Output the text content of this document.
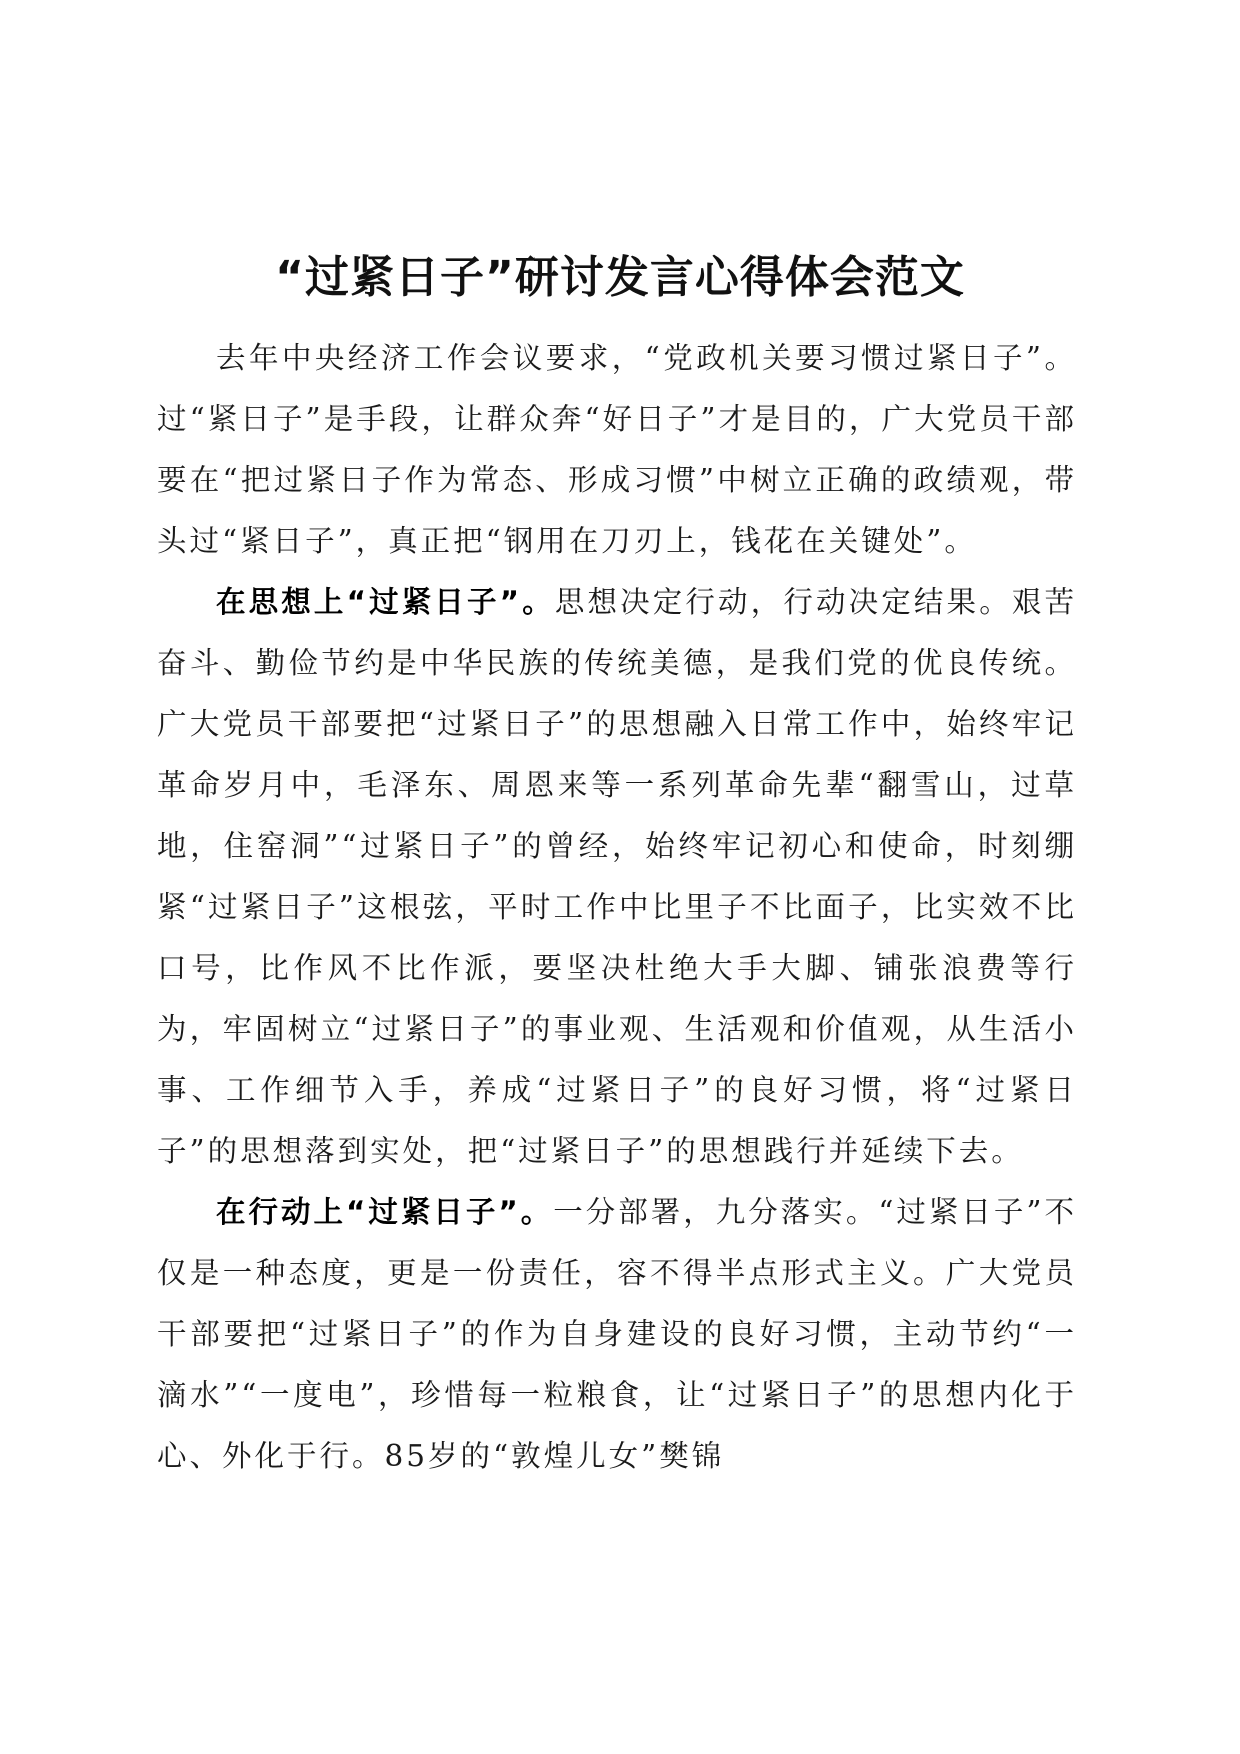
“过紧日子”研讨发言心得体会范文

去年中央经济工作会议要求，“党政机关要习惯过紧日子”。过“紧日子”是手段，让群众奔“好日子”才是目的，广大党员干部要在“把过紧日子作为常态、形成习惯”中树立正确的政绩观，带头过“紧日子”，真正把“钢用在刀刃上，钱花在关键处”。

在思想上“过紧日子”。思想决定行动，行动决定结果。艰苦奋斗、勤俭节约是中华民族的传统美德，是我们党的优良传统。广大党员干部要把“过紧日子”的思想融入日常工作中，始终牢记革命岁月中，毛泽东、周恩来等一系列革命先辈“翻雪山，过草地，住窑洞”“过紧日子”的曾经，始终牢记初心和使命，时刻绷紧“过紧日子”这根弦，平时工作中比里子不比面子，比实效不比口号，比作风不比作派，要坚决杜绝大手大脚、铺张浪费等行为，牢固树立“过紧日子”的事业观、生活观和价值观，从生活小事、工作细节入手，养成“过紧日子”的良好习惯，将“过紧日子”的思想落到实处，把“过紧日子”的思想践行并延续下去。

在行动上“过紧日子”。一分部署，九分落实。“过紧日子”不仅是一种态度，更是一份责任，容不得半点形式主义。广大党员干部要把“过紧日子”的作为自身建设的良好习惯，主动节约“一滴水”“一度电”，珍惜每一粒粮食，让“过紧日子”的思想内化于心、外化于行。85岁的“敦煌儿女”樊锦
